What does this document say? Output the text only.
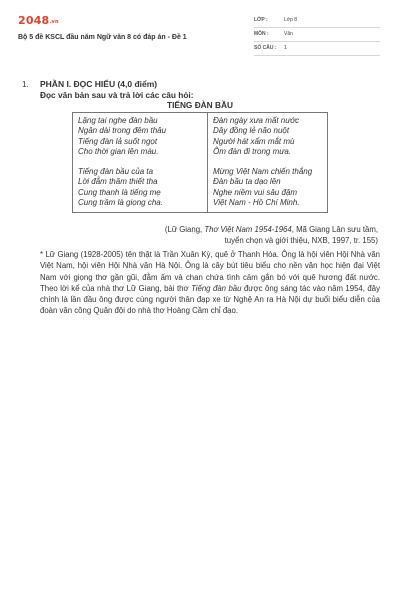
$2048^{.vn}$
Bộ 5 đề KSCL đầu năm Ngữ văn 8 có đáp án - Đề 1
LỚP :	Lớp 8
MÔN :	Văn
SỐ CÂU : 1
1. PHẦN I. ĐỌC HIỂU (4,0 điểm)
Đọc văn bản sau và trả lời các câu hỏi:
TIẾNG ĐÀN BẦU
Lặng tai nghe đàn bầu
Ngân dài trong đêm thâu
Tiếng đàn lả suốt ngọt
Cho thời gian lên màu.
Đàn ngày xưa mất nước
Dây đồng lẻ não nuột
Người hát xẩm mắt mù
Ôm đàn đi trong mưa.
Tiếng đàn bầu của ta
Lời đẫm thăm thiết tha
Cung thanh là tiếng mẹ
Cung trầm là giọng cha.
Mừng Việt Nam chiến thắng
Đàn bầu ta dạo lên
Nghe niềm vui sâu đậm
Việt Nam - Hồ Chí Minh.
(Lữ Giang, Thơ Việt Nam 1954-1964, Mã Giang Lân sưu tầm,
tuyển chọn và giới thiệu, NXB, 1997, tr. 155)
* Lữ Giang (1928-2005) tên thật là Trần Xuân Kỳ, quê ở Thanh Hóa. Ông là hội viên Hội Nhà văn Việt Nam, hội viên Hội Nhà văn Hà Nội. Ông là cây bút tiêu biểu cho nền văn học hiện đại Việt Nam với giọng thơ gần gũi, đằm ấm và chan chứa tình cảm gắn bó với quê hương đất nước. Theo lời kể của nhà thơ Lữ Giang, bài thơ Tiếng đàn bầu được ông sáng tác vào năm 1954, đây chính là lần đầu ông được cùng người thân đạp xe từ Nghệ An ra Hà Nội dự buổi biểu diễn của đoàn văn công Quân đội do nhà thơ Hoàng Cầm chỉ đạo.
